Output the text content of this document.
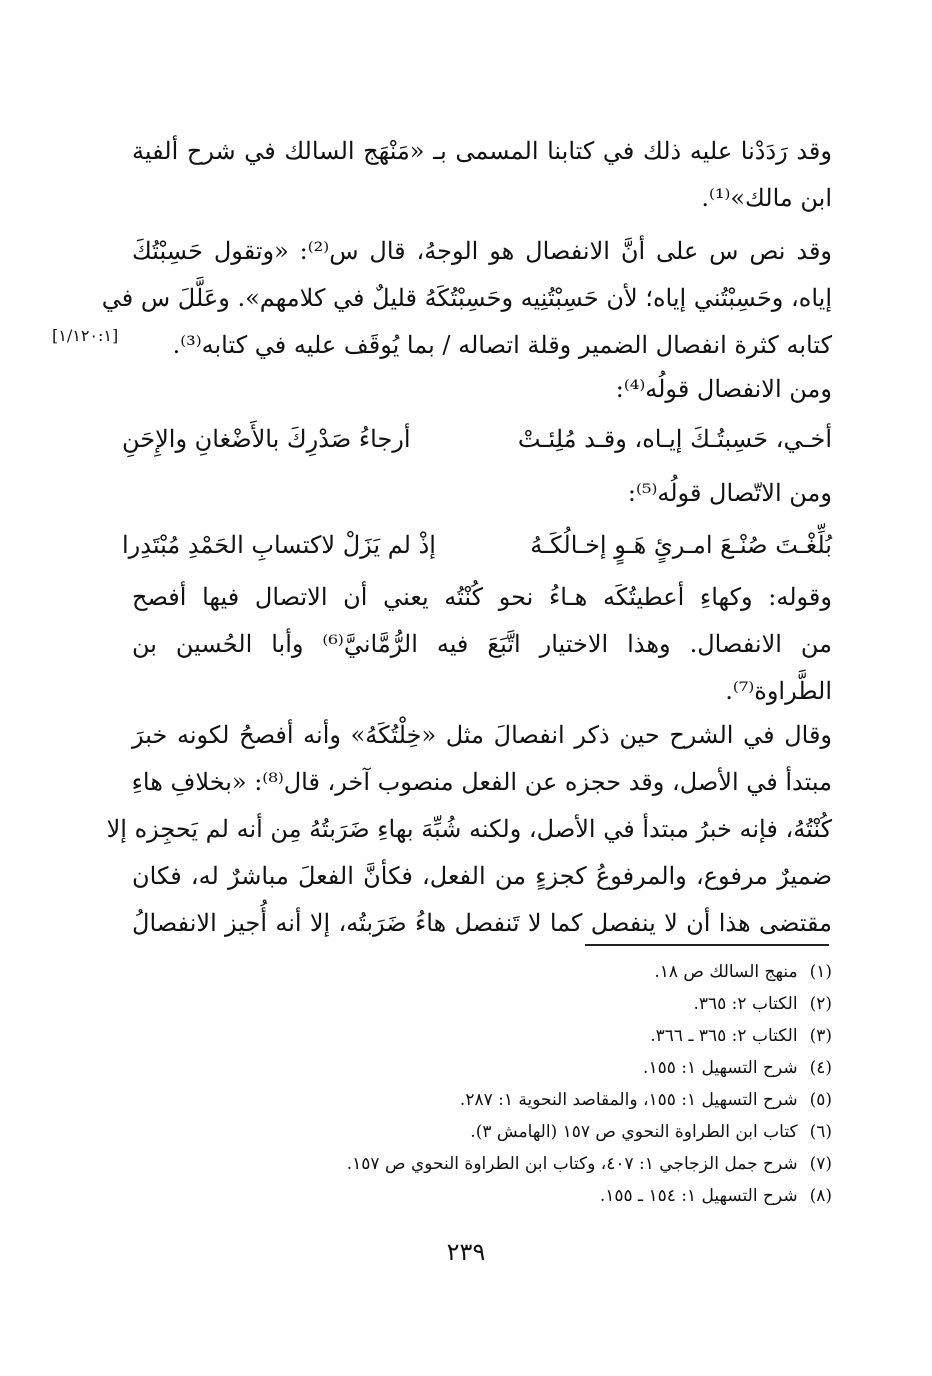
وقد رَدَدْنا عليه ذلك في كتابنا المسمى بـ «مَنْهَج السالك في شرح ألفية
ابن مالك»⁽¹⁾.

وقد نص س على أنَّ الانفصال هو الوجهُ، قال س⁽²⁾: «وتقول حَسِبْتُكَ
إياه، وحَسِبْتُني إياه؛ لأن حَسِبْتُنِيه وحَسِبْتُكَهُ قليلٌ في كلامهم». وعَلَّلَ س في
كتابه كثرة انفصال الضمير وقلة اتصاله / بما يُوقَف عليه في كتابه⁽³⁾.

[١/١٢٠:١]

ومن الانفصال قولُه⁽⁴⁾:

أخـي، حَسِبتُـكَ إيـاه، وقـد مُلِئـتْ
أرجاءُ صَدْرِكَ بالأَضْغانِ والإِحَنِ

ومن الاتّصال قولُه⁽⁵⁾:

بُلِّغْـتَ صُنْـعَ امـرئٍ هَـوٍ إخـالُكَـهُ
إذْ لم يَزَلْ لاكتسابِ الحَمْدِ مُبْتَدِرا

وقوله: وكهاءِ أعطيتُكَه هـاءُ نحو كُنْتُه يعني أن الاتصال فيها أفصح
من الانفصال. وهذا الاختيار اتَّبَعَ فيه الرُّمَّانيَّ⁽⁶⁾ وأبا الحُسين بن
الطَّراوة⁽⁷⁾.

وقال في الشرح حين ذكر انفصالَ مثل «خِلْتُكَهُ» وأنه أفصحُ لكونه خبرَ
مبتدأ في الأصل، وقد حجزه عن الفعل منصوب آخر، قال⁽⁸⁾: «بخلافِ هاءِ
كُنْتُهُ، فإنه خبرُ مبتدأ في الأصل، ولكنه شُبِّهَ بهاءِ ضَرَبتُهُ مِن أنه لم يَحجِزه إلا
ضميرٌ مرفوع، والمرفوعُ كجزءٍ من الفعل، فكأنَّ الفعلَ مباشرٌ له، فكان
مقتضى هذا أن لا ينفصل كما لا تَنفصل هاءُ ضَرَبتُه، إلا أنه أُجيز الانفصالُ

(١)منهج السالك ص ١٨.
(٢)الكتاب ٢: ٣٦٥.
(٣)الكتاب ٢: ٣٦٥ ـ ٣٦٦.
(٤)شرح التسهيل ١: ١٥٥.
(٥)شرح التسهيل ١: ١٥٥، والمقاصد النحوية ١: ٢٨٧.
(٦)كتاب ابن الطراوة النحوي ص ١٥٧ (الهامش ٣).
(٧)شرح جمل الزجاجي ١: ٤٠٧، وكتاب ابن الطراوة النحوي ص ١٥٧.
(٨)شرح التسهيل ١: ١٥٤ ـ ١٥٥.
٢٣٩
